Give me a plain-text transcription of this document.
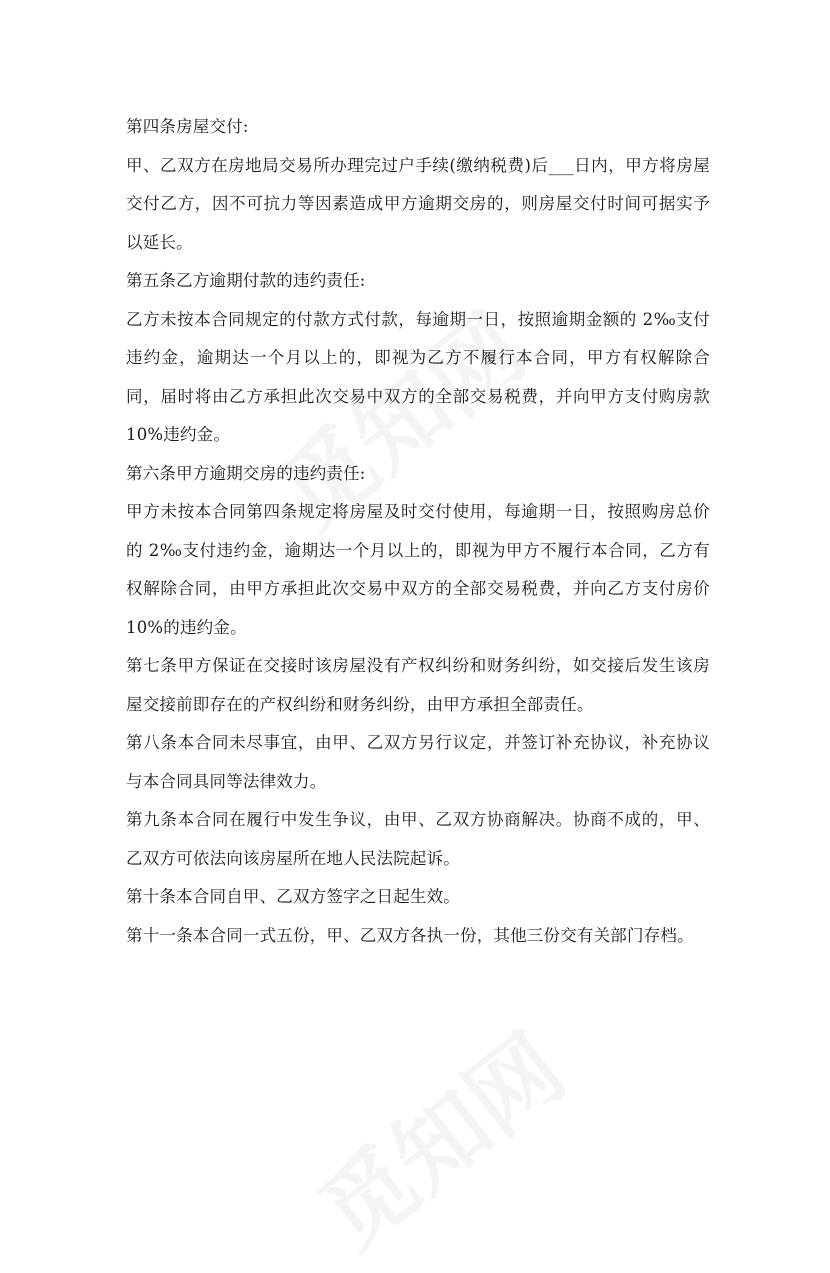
第四条房屋交付:

甲、乙双方在房地局交易所办理完过户手续(缴纳税费)后___日内，甲方将房屋交付乙方，因不可抗力等因素造成甲方逾期交房的，则房屋交付时间可据实予以延长。

第五条乙方逾期付款的违约责任:

乙方未按本合同规定的付款方式付款，每逾期一日，按照逾期金额的 2‰支付违约金，逾期达一个月以上的，即视为乙方不履行本合同，甲方有权解除合同，届时将由乙方承担此次交易中双方的全部交易税费，并向甲方支付购房款 10%违约金。

第六条甲方逾期交房的违约责任:

甲方未按本合同第四条规定将房屋及时交付使用，每逾期一日，按照购房总价的 2‰支付违约金，逾期达一个月以上的，即视为甲方不履行本合同，乙方有权解除合同，由甲方承担此次交易中双方的全部交易税费，并向乙方支付房价 10%的违约金。

第七条甲方保证在交接时该房屋没有产权纠纷和财务纠纷，如交接后发生该房屋交接前即存在的产权纠纷和财务纠纷，由甲方承担全部责任。

第八条本合同未尽事宜，由甲、乙双方另行议定，并签订补充协议，补充协议与本合同具同等法律效力。

第九条本合同在履行中发生争议，由甲、乙双方协商解决。协商不成的，甲、乙双方可依法向该房屋所在地人民法院起诉。

第十条本合同自甲、乙双方签字之日起生效。

第十一条本合同一式五份，甲、乙双方各执一份，其他三份交有关部门存档。
